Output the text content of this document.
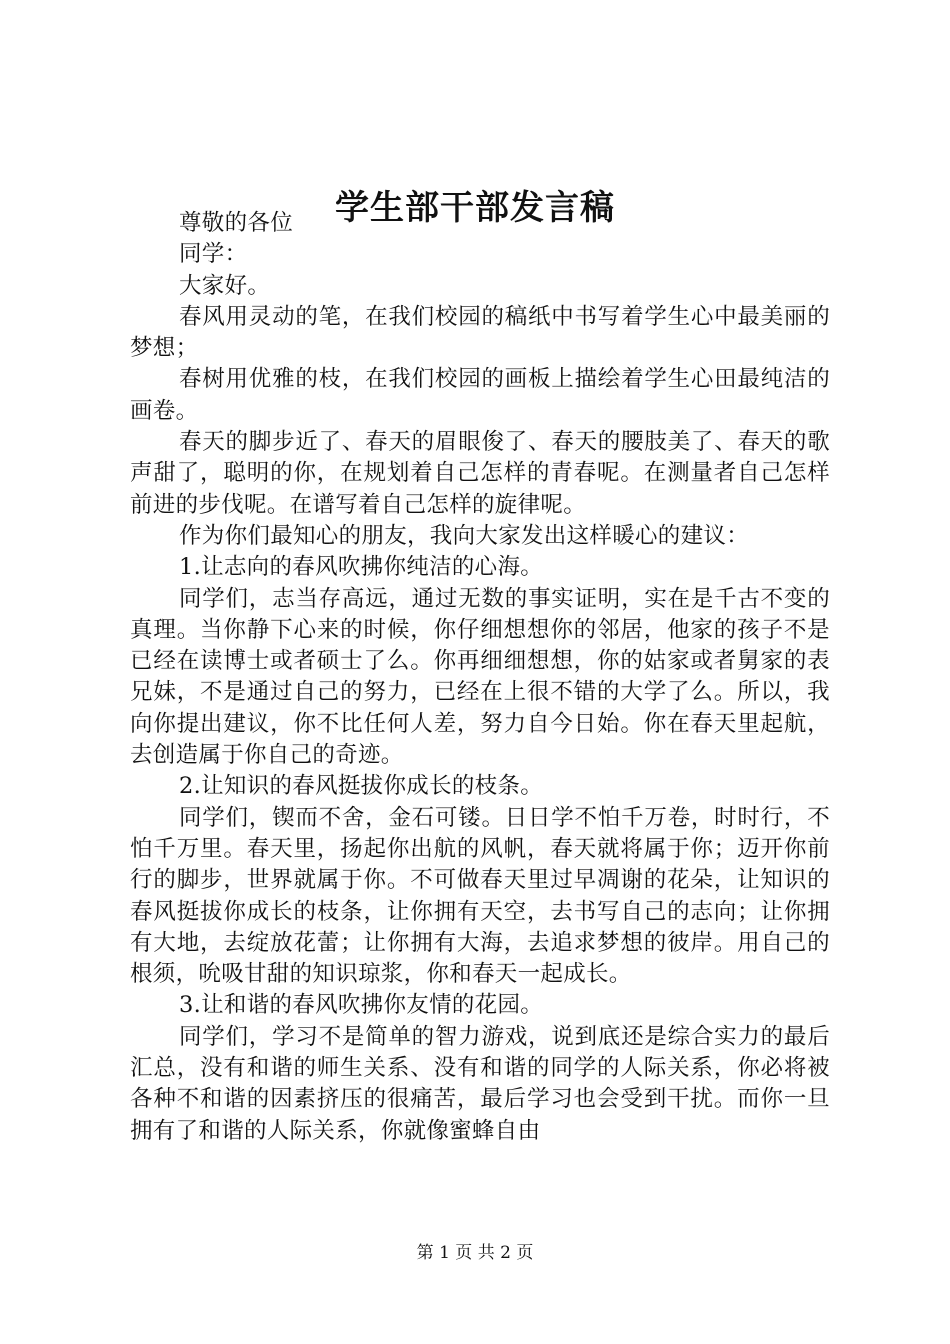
学生部干部发言稿
尊敬的各位
同学：
大家好。
春风用灵动的笔，在我们校园的稿纸中书写着学生心中最美丽的梦想；
春树用优雅的枝，在我们校园的画板上描绘着学生心田最纯洁的画卷。
春天的脚步近了、春天的眉眼俊了、春天的腰肢美了、春天的歌声甜了，聪明的你，在规划着自己怎样的青春呢。在测量者自己怎样前进的步伐呢。在谱写着自己怎样的旋律呢。
作为你们最知心的朋友，我向大家发出这样暖心的建议：
1.让志向的春风吹拂你纯洁的心海。
同学们，志当存高远，通过无数的事实证明，实在是千古不变的真理。当你静下心来的时候，你仔细想想你的邻居，他家的孩子不是已经在读博士或者硕士了么。你再细细想想，你的姑家或者舅家的表兄妹，不是通过自己的努力，已经在上很不错的大学了么。所以，我向你提出建议，你不比任何人差，努力自今日始。你在春天里起航，去创造属于你自己的奇迹。
2.让知识的春风挺拔你成长的枝条。
同学们，锲而不舍，金石可镂。日日学不怕千万卷，时时行，不怕千万里。春天里，扬起你出航的风帆，春天就将属于你；迈开你前行的脚步，世界就属于你。不可做春天里过早凋谢的花朵，让知识的春风挺拔你成长的枝条，让你拥有天空，去书写自己的志向；让你拥有大地，去绽放花蕾；让你拥有大海，去追求梦想的彼岸。用自己的根须，吮吸甘甜的知识琼浆，你和春天一起成长。
3.让和谐的春风吹拂你友情的花园。
同学们，学习不是简单的智力游戏，说到底还是综合实力的最后汇总，没有和谐的师生关系、没有和谐的同学的人际关系，你必将被各种不和谐的因素挤压的很痛苦，最后学习也会受到干扰。而你一旦拥有了和谐的人际关系，你就像蜜蜂自由
第 1 页 共 2 页
